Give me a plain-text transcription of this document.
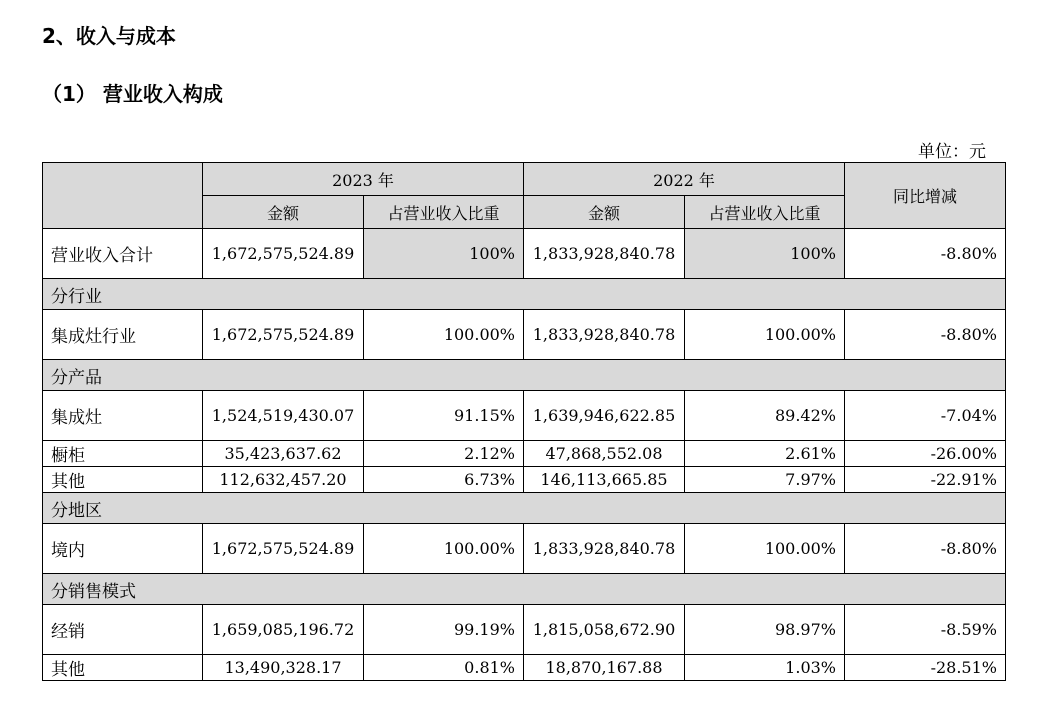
2、收入与成本
（1） 营业收入构成
单位：元
	2023 年		2022 年		同比增减
	金额	占营业收入比重	金额	占营业收入比重	
营业收入合计	1,672,575,524.89	100%	1,833,928,840.78	100%	-8.80%
分行业					
集成灶行业	1,672,575,524.89	100.00%	1,833,928,840.78	100.00%	-8.80%
分产品					
集成灶	1,524,519,430.07	91.15%	1,639,946,622.85	89.42%	-7.04%
橱柜	35,423,637.62	2.12%	47,868,552.08	2.61%	-26.00%
其他	112,632,457.20	6.73%	146,113,665.85	7.97%	-22.91%
分地区					
境内	1,672,575,524.89	100.00%	1,833,928,840.78	100.00%	-8.80%
分销售模式					
经销	1,659,085,196.72	99.19%	1,815,058,672.90	98.97%	-8.59%
其他	13,490,328.17	0.81%	18,870,167.88	1.03%	-28.51%
